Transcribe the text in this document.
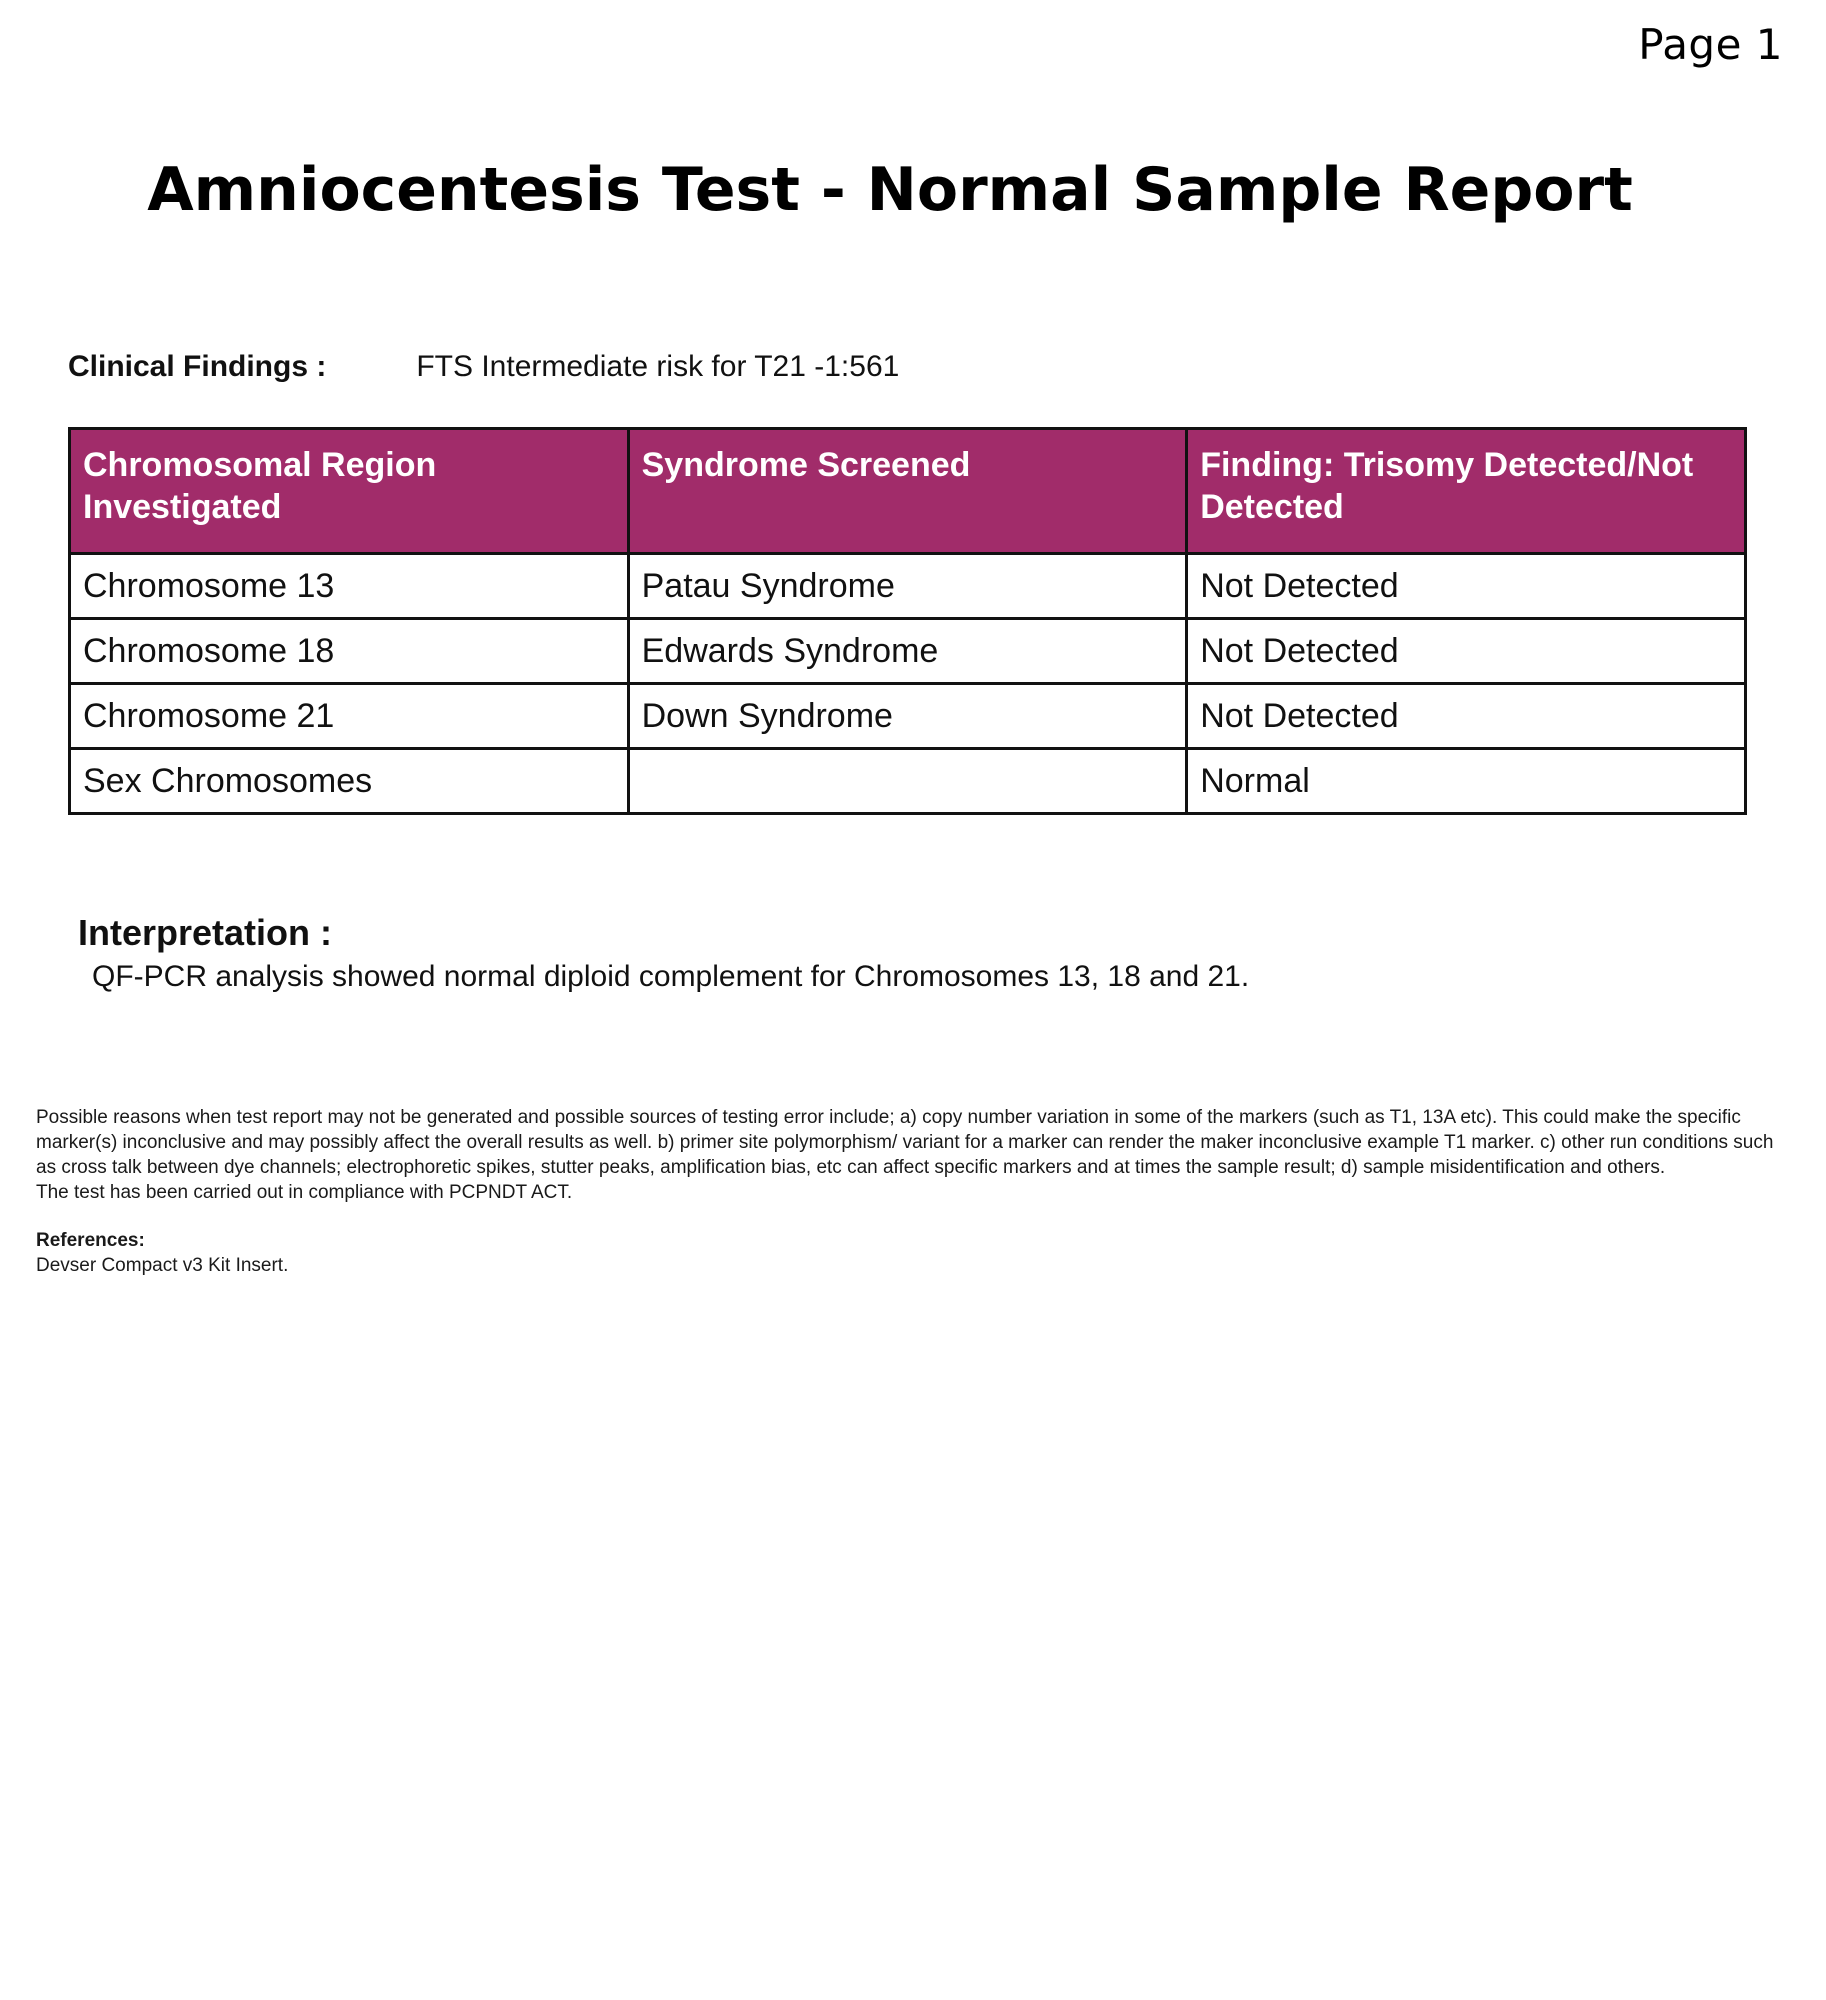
Page 1
Amniocentesis Test - Normal Sample Report
Clinical Findings :	FTS Intermediate risk for T21 -1:561
Chromosomal Region Investigated	Syndrome Screened	Finding: Trisomy Detected/Not Detected
Chromosome 13	Patau Syndrome	Not Detected
Chromosome 18	Edwards Syndrome	Not Detected
Chromosome 21	Down Syndrome	Not Detected
Sex Chromosomes		Normal
Interpretation :

QF-PCR analysis showed normal diploid complement for Chromosomes 13, 18 and 21.

Possible reasons when test report may not be generated and possible sources of testing error include; a) copy number variation in some of the markers (such as T1, 13A etc). This could make the specific marker(s) inconclusive and may possibly affect the overall results as well. b) primer site polymorphism/ variant for a marker can render the maker inconclusive example T1 marker. c) other run conditions such as cross talk between dye channels; electrophoretic spikes, stutter peaks, amplification bias, etc can affect specific markers and at times the sample result; d) sample misidentification and others.

The test has been carried out in compliance with PCPNDT ACT.

References:
Devser Compact v3 Kit Insert.
